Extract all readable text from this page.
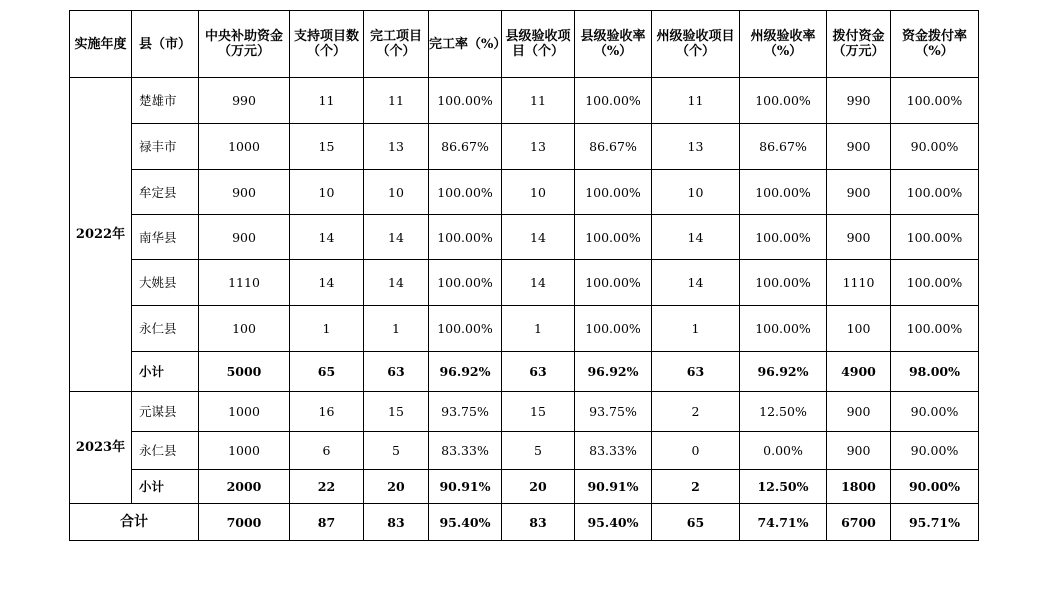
实施年度	县（市）	中央补助资金（万元）	支持项目数（个）	完工项目（个）	完工率（%）	县级验收项目（个）	县级验收率（%）	州级验收项目（个）	州级验收率（%）	拨付资金（万元）	资金拨付率（%）
2022年	楚雄市	990	11	11	100.00%	11	100.00%	11	100.00%	990	100.00%
	禄丰市	1000	15	13	86.67%	13	86.67%	13	86.67%	900	90.00%
	牟定县	900	10	10	100.00%	10	100.00%	10	100.00%	900	100.00%
	南华县	900	14	14	100.00%	14	100.00%	14	100.00%	900	100.00%
	大姚县	1110	14	14	100.00%	14	100.00%	14	100.00%	1110	100.00%
	永仁县	100	1	1	100.00%	1	100.00%	1	100.00%	100	100.00%
	小计	5000	65	63	96.92%	63	96.92%	63	96.92%	4900	98.00%
2023年	元谋县	1000	16	15	93.75%	15	93.75%	2	12.50%	900	90.00%
	永仁县	1000	6	5	83.33%	5	83.33%	0	0.00%	900	90.00%
	小计	2000	22	20	90.91%	20	90.91%	2	12.50%	1800	90.00%
合计		7000	87	83	95.40%	83	95.40%	65	74.71%	6700	95.71%
